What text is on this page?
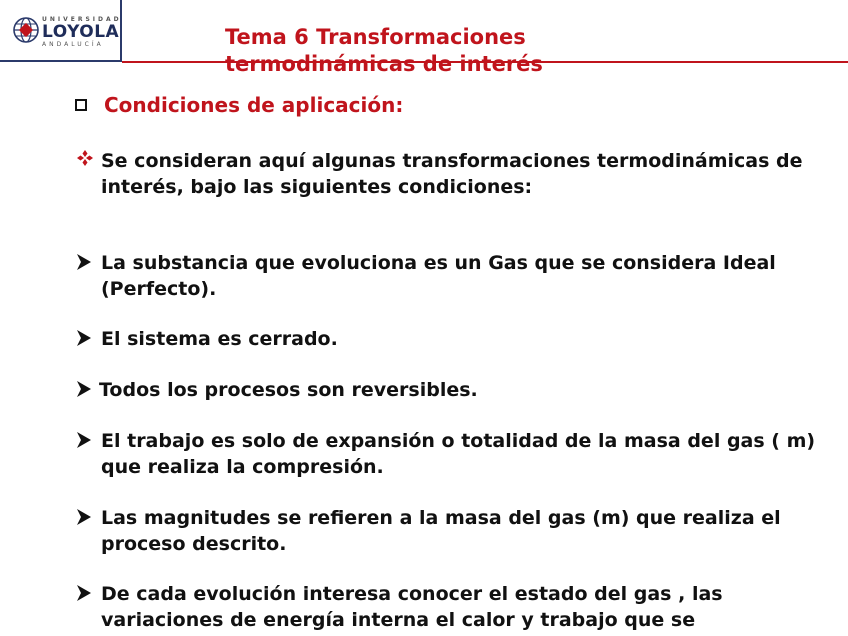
UNIVERSIDAD
LOYOLA
ANDALUCÍA	Tema 6 Transformaciones
termodinámicas de interés
Condiciones de aplicación:
Se consideran aquí algunas transformaciones termodinámicas de interés, bajo las siguientes condiciones:
La substancia que evoluciona es un Gas que se considera Ideal (Perfecto).
El sistema es cerrado.
Todos los procesos son reversibles.
El trabajo es solo de expansión o totalidad de la masa del gas ( m) que realiza la compresión.
Las magnitudes se refieren a la masa del gas (m) que realiza el proceso descrito.
De cada evolución interesa conocer el estado del gas , las variaciones de energía interna el calor y trabajo que se
